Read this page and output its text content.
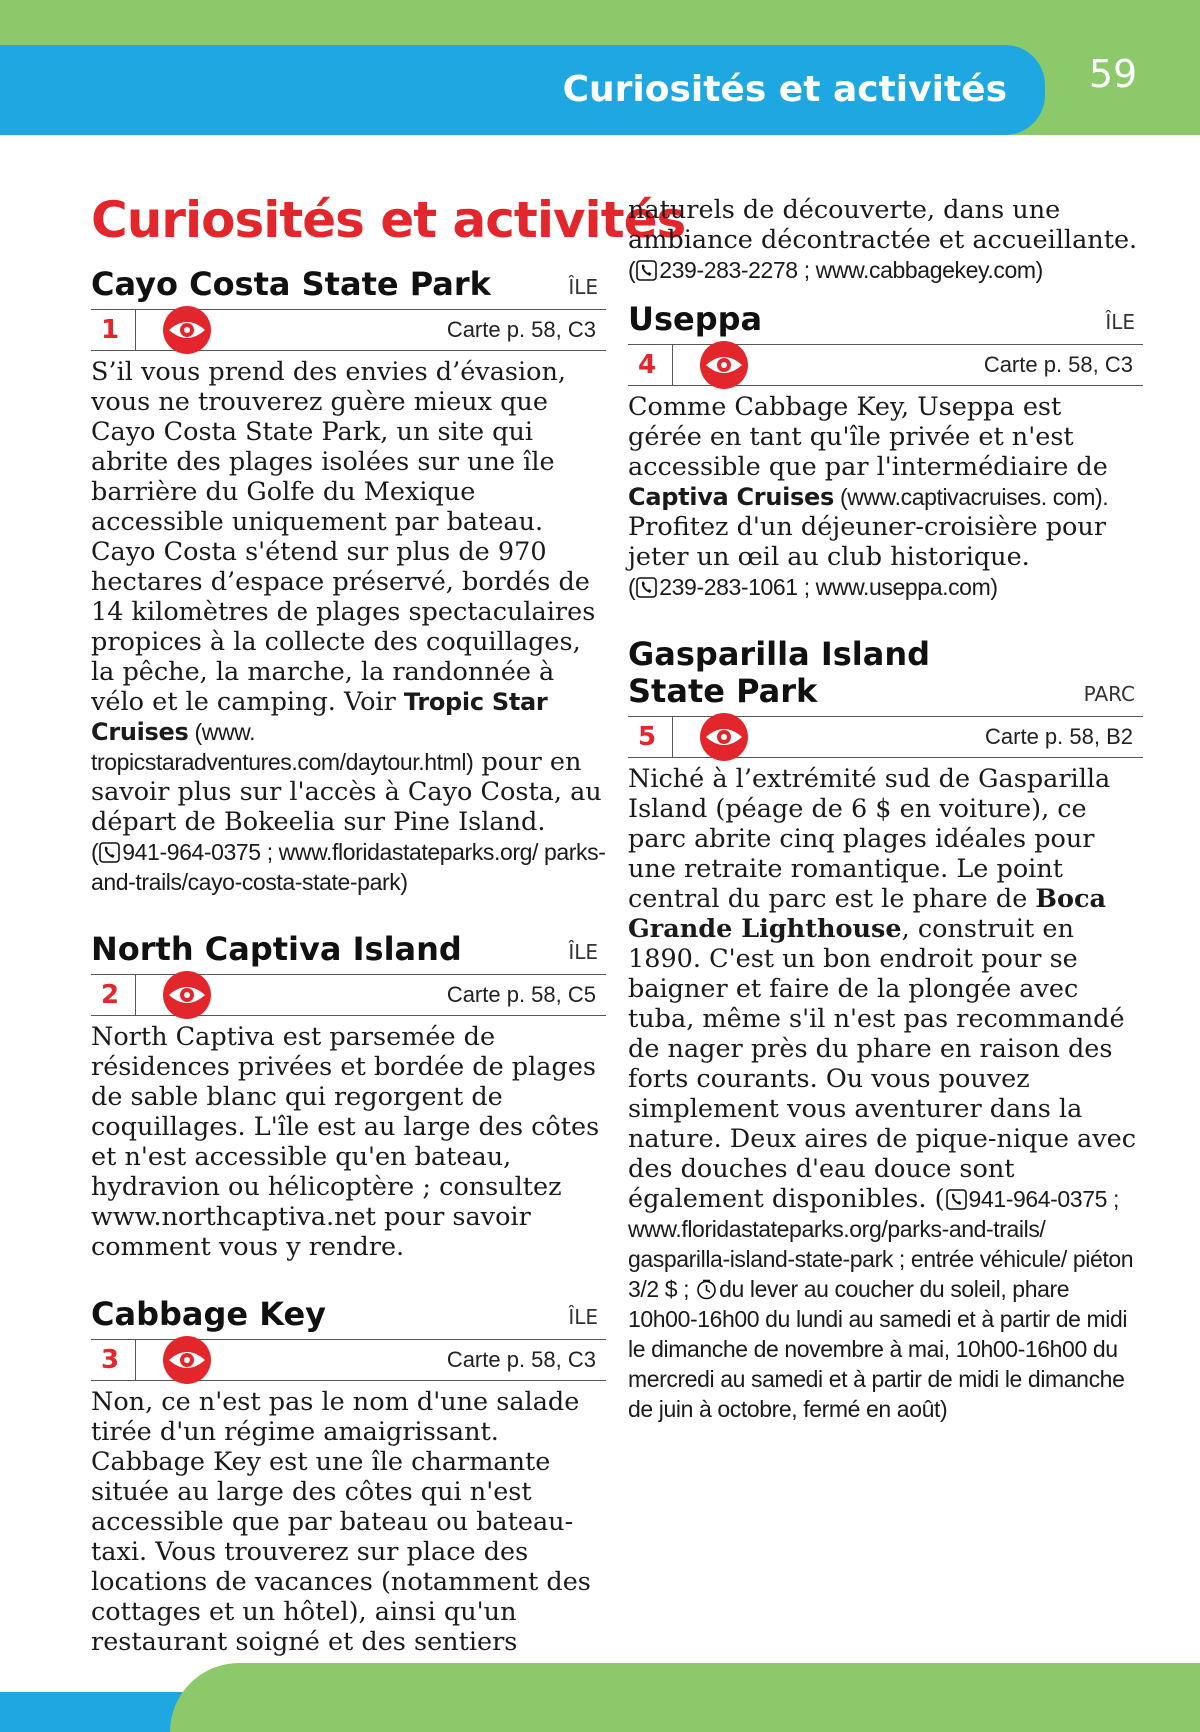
Curiosités et activités	59
Curiosités et activités
Cayo Costa State Park	ÎLE
1	Carte p. 58, C3

S’il vous prend des envies d’évasion, vous ne trouverez guère mieux que Cayo Costa State Park, un site qui abrite des plages isolées sur une île barrière du Golfe du Mexique accessible uniquement par bateau. Cayo Costa s'étend sur plus de 970 hectares d’espace préservé, bordés de 14 kilomètres de plages spectaculaires propices à la collecte des coquillages, la pêche, la marche, la randonnée à vélo et le camping. Voir Tropic Star Cruises (www. tropicstaradventures.com/daytour.html) pour en savoir plus sur l'accès à Cayo Costa, au départ de Bokeelia sur Pine Island.
( 941-964-0375 ; www.floridastateparks.org/ parks-and-trails/cayo-costa-state-park)

North Captiva Island	ÎLE
2	Carte p. 58, C5

North Captiva est parsemée de résidences privées et bordée de plages de sable blanc qui regorgent de coquillages. L'île est au large des côtes et n'est accessible qu'en bateau, hydravion ou hélicoptère ; consultez www.northcaptiva.net pour savoir comment vous y rendre.

Cabbage Key	ÎLE
3	Carte p. 58, C3

Non, ce n'est pas le nom d'une salade tirée d'un régime amaigrissant. Cabbage Key est une île charmante située au large des côtes qui n'est accessible que par bateau ou bateau-taxi. Vous trouverez sur place des locations de vacances (notamment des cottages et un hôtel), ainsi qu'un restaurant soigné et des sentiers

naturels de découverte, dans une ambiance décontractée et accueillante.
( 239-283-2278 ; www.cabbagekey.com)

Useppa	ÎLE
4	Carte p. 58, C3

Comme Cabbage Key, Useppa est gérée en tant qu'île privée et n'est accessible que par l'intermédiaire de Captiva Cruises (www.captivacruises. com). Profitez d'un déjeuner-croisière pour jeter un œil au club historique.
( 239-283-1061 ; www.useppa.com)

Gasparilla Island
State Park	PARC
5	Carte p. 58, B2

Niché à l’extrémité sud de Gasparilla Island (péage de 6 $ en voiture), ce parc abrite cinq plages idéales pour une retraite romantique. Le point central du parc est le phare de Boca Grande Lighthouse, construit en 1890. C'est un bon endroit pour se baigner et faire de la plongée avec tuba, même s'il n'est pas recommandé de nager près du phare en raison des forts courants. Ou vous pouvez simplement vous aventurer dans la nature. Deux aires de pique-nique avec des douches d'eau douce sont également disponibles. ( 941-964-0375 ; www.floridastateparks.org/parks-and-trails/ gasparilla-island-state-park ; entrée véhicule/ piéton 3/2 $ ; du lever au coucher du soleil, phare 10h00-16h00 du lundi au samedi et à partir de midi le dimanche de novembre à mai, 10h00-16h00 du mercredi au samedi et à partir de midi le dimanche de juin à octobre, fermé en août)
